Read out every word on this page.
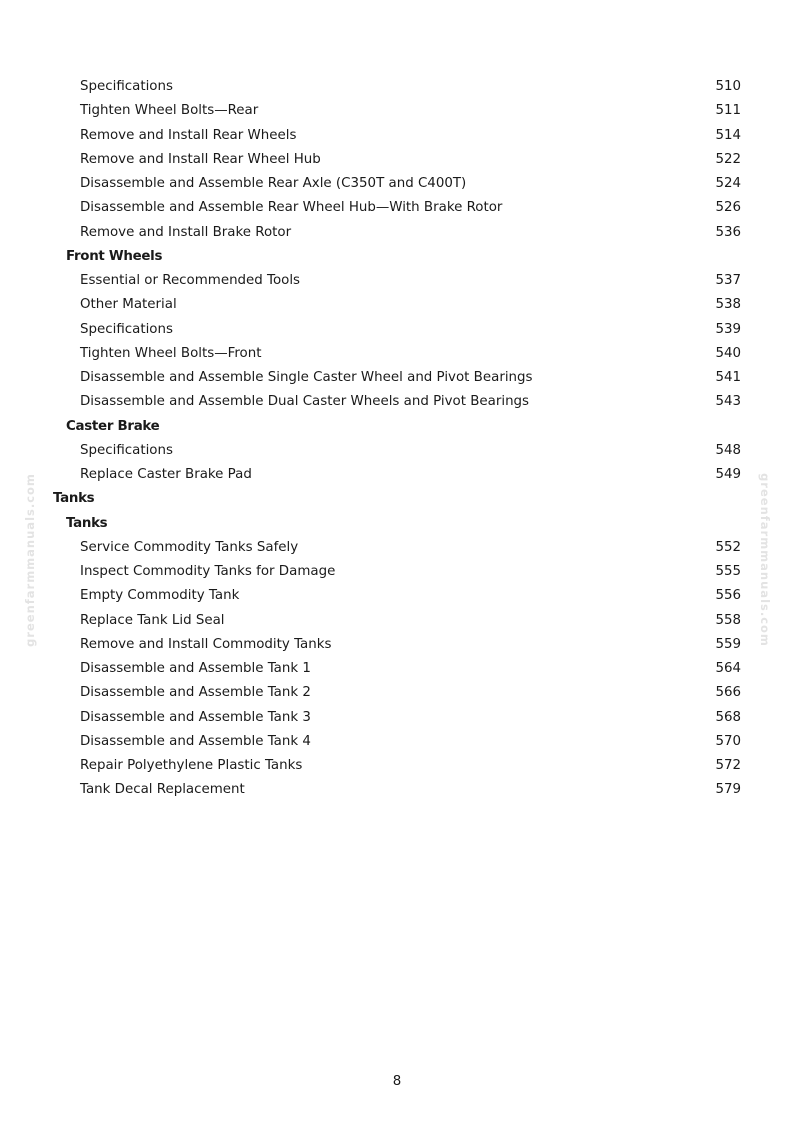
greenfarmmanuals.com	greenfarmmanuals.com
Specifications	510
Tighten Wheel Bolts—Rear	511
Remove and Install Rear Wheels	514
Remove and Install Rear Wheel Hub	522
Disassemble and Assemble Rear Axle (C350T and C400T)	524
Disassemble and Assemble Rear Wheel Hub—With Brake Rotor	526
Remove and Install Brake Rotor	536
Front Wheels
Essential or Recommended Tools	537
Other Material	538
Specifications	539
Tighten Wheel Bolts—Front	540
Disassemble and Assemble Single Caster Wheel and Pivot Bearings	541
Disassemble and Assemble Dual Caster Wheels and Pivot Bearings	543
Caster Brake
Specifications	548
Replace Caster Brake Pad	549
Tanks
Tanks
Service Commodity Tanks Safely	552
Inspect Commodity Tanks for Damage	555
Empty Commodity Tank	556
Replace Tank Lid Seal	558
Remove and Install Commodity Tanks	559
Disassemble and Assemble Tank 1	564
Disassemble and Assemble Tank 2	566
Disassemble and Assemble Tank 3	568
Disassemble and Assemble Tank 4	570
Repair Polyethylene Plastic Tanks	572
Tank Decal Replacement	579
8
